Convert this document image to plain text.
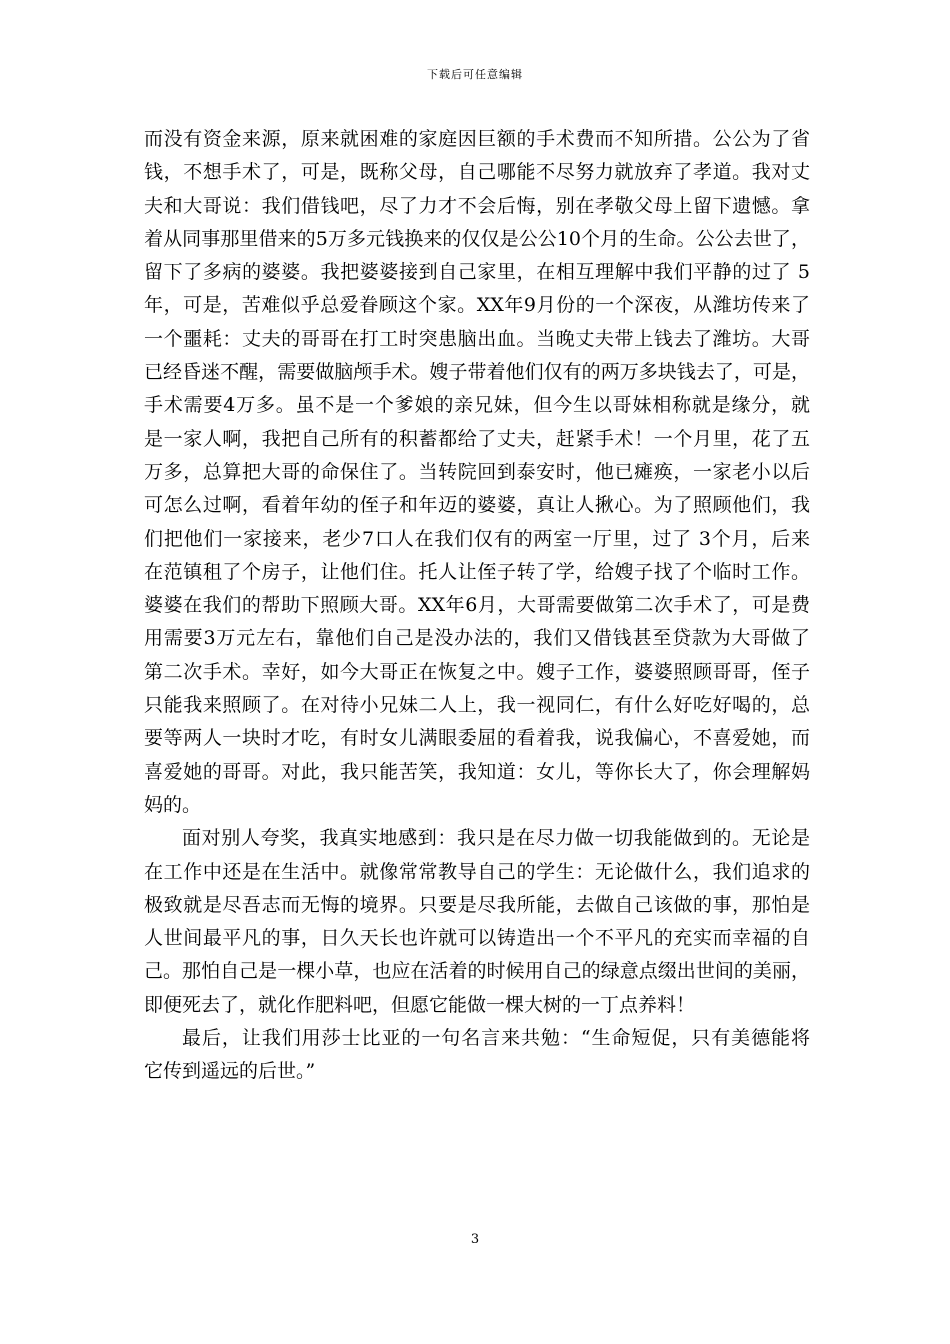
下载后可任意编辑
而没有资金来源，原来就困难的家庭因巨额的手术费而不知所措。公公为了省
钱，不想手术了，可是，既称父母，自己哪能不尽努力就放弃了孝道。我对丈
夫和大哥说：我们借钱吧，尽了力才不会后悔，别在孝敬父母上留下遗憾。拿
着从同事那里借来的5万多元钱换来的仅仅是公公10个月的生命。公公去世了，
留下了多病的婆婆。我把婆婆接到自己家里，在相互理解中我们平静的过了 5
年，可是，苦难似乎总爱眷顾这个家。XX年9月份的一个深夜，从潍坊传来了
一个噩耗：丈夫的哥哥在打工时突患脑出血。当晚丈夫带上钱去了潍坊。大哥
已经昏迷不醒，需要做脑颅手术。嫂子带着他们仅有的两万多块钱去了，可是，
手术需要4万多。虽不是一个爹娘的亲兄妹，但今生以哥妹相称就是缘分，就
是一家人啊，我把自己所有的积蓄都给了丈夫，赶紧手术！一个月里，花了五
万多，总算把大哥的命保住了。当转院回到泰安时，他已瘫痪，一家老小以后
可怎么过啊，看着年幼的侄子和年迈的婆婆，真让人揪心。为了照顾他们，我
们把他们一家接来，老少7口人在我们仅有的两室一厅里，过了 3个月，后来
在范镇租了个房子，让他们住。托人让侄子转了学，给嫂子找了个临时工作。
婆婆在我们的帮助下照顾大哥。XX年6月，大哥需要做第二次手术了，可是费
用需要3万元左右，靠他们自己是没办法的，我们又借钱甚至贷款为大哥做了
第二次手术。幸好，如今大哥正在恢复之中。嫂子工作，婆婆照顾哥哥，侄子
只能我来照顾了。在对待小兄妹二人上，我一视同仁，有什么好吃好喝的，总
要等两人一块时才吃，有时女儿满眼委屈的看着我，说我偏心，不喜爱她，而
喜爱她的哥哥。对此，我只能苦笑，我知道：女儿，等你长大了，你会理解妈
妈的。
面对别人夸奖，我真实地感到：我只是在尽力做一切我能做到的。无论是
在工作中还是在生活中。就像常常教导自己的学生：无论做什么，我们追求的
极致就是尽吾志而无悔的境界。只要是尽我所能，去做自己该做的事，那怕是
人世间最平凡的事，日久天长也许就可以铸造出一个不平凡的充实而幸福的自
己。那怕自己是一棵小草，也应在活着的时候用自己的绿意点缀出世间的美丽，
即便死去了，就化作肥料吧，但愿它能做一棵大树的一丁点养料！
最后，让我们用莎士比亚的一句名言来共勉：“生命短促，只有美德能将
它传到遥远的后世。”
3
